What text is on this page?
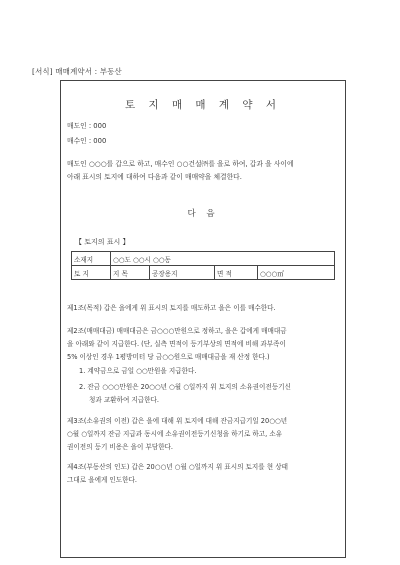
[서식] 매매계약서 : 부동산
토 지 매 매 계 약 서
매도인 : 000
매수인 : 000
매도인 ○○○를 갑으로 하고, 매수인 ○○건설㈜를 을로 하여, 갑과 을 사이에
아래 표시의 토지에 대하여 다음과 같이 매매약을 체결한다.
다 음
【 토지의 표시 】
소재지	○○도 ○○시 ○○동			
토 지	지 목	공장용지	면 적	○○○㎡
제1조(목적) 갑은 을에게 위 표시의 토지를 매도하고 을은 이를 매수한다.
제2조(매매대금) 매매대금은 금○○○만원으로 정하고, 을은 갑에게 매매대금
을 아래와 같이 지급한다. (단, 실측 면적이 등기부상의 면적에 비해 과부족이
5% 이상인 경우 1평방미터 당 금○○원으로 매매대금을 재 산정 한다.)
1. 계약금으로 금일 ○○만원을 지급한다.
2. 잔금 ○○○만원은 20○○년 ○월 ○일까지 위 토지의 소유권이전등기신
청과 교환하여 지급한다.
제3조(소유권의 이전) 갑은 을에 대해 위 토지에 대해 잔금지급기일 20○○년
○월 ○일까지 잔금 지급과 동시에 소유권이전등기신청을 하기로 하고, 소유
권이전의 등기 비용은 을이 부담한다.
제4조(부동산의 인도) 갑은 20○○년 ○월 ○일까지 위 표시의 토지를 현 상태
그대로 을에게 인도한다.
